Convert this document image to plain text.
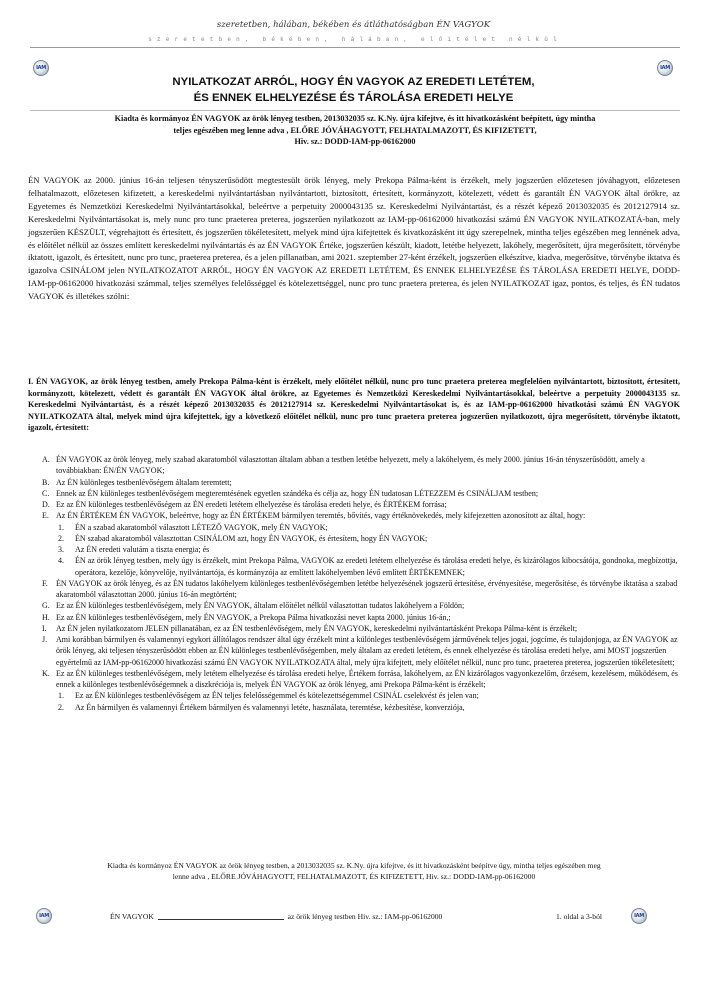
szeretetben, hálában, békében és átláthatóságban ÉN VAGYOK
szeretetben, békében, hálában, előítélet nélkül
IAM	IAM
NYILATKOZAT ARRÓL, HOGY ÉN VAGYOK AZ EREDETI LETÉTEM,
ÉS ENNEK ELHELYEZÉSE ÉS TÁROLÁSA EREDETI HELYE
Kiadta és kormányoz ÉN VAGYOK az örök lényeg testben, 2013032035 sz. K.Ny. újra kifejtve, és itt hivatkozásként beépített, úgy mintha
teljes egészében meg lenne adva , ELŐRE JÓVÁHAGYOTT, FELHATALMAZOTT, ÉS KIFIZETETT,
Hiv. sz.: DODD-IAM-pp-06162000
ÉN VAGYOK az 2000. június 16-án teljesen tényszerűsödött megtestesült örök lényeg, mely Prekopa Pálma-ként is érzékelt, mely jogszerűen előzetesen jóváhagyott, előzetesen felhatalmazott, előzetesen kifizetett, a kereskedelmi nyilvántartásban nyilvántartott, biztosított, értesített, kormányzott, kötelezett, védett és garantált ÉN VAGYOK által örökre, az Egyetemes és Nemzetközi Kereskedelmi Nyilvántartásokkal, beleértve a perpetuity 2000043135 sz. Kereskedelmi Nyilvántartást, és a részét képező 2013032035 és 2012127914 sz. Kereskedelmi Nyilvántartásokat is, mely nunc pro tunc praeterea preterea, jogszerűen nyilatkozott az IAM-pp-06162000 hivatkozási számú ÉN VAGYOK NYILATKOZATÁ-ban, mely jogszerűen KÉSZÜLT, végrehajtott és értesített, és jogszerűen tökéletesített, melyek mind újra kifejtettek és kivatkozásként itt úgy szerepelnek, mintha teljes egészében meg lennének adva, és előítélet nélkül az összes említett kereskedelmi nyilvántartás és az ÉN VAGYOK Értéke, jogszerűen készült, kiadott, letétbe helyezett, lakóhely, megerősített, újra megerősített, törvénybe iktatott, igazolt, és értesített, nunc pro tunc, praeterea preterea, és a jelen pillanatban, ami 2021. szeptember 27-ként érzékelt, jogszerűen elkészítve, kiadva, megerősítve, törvénybe iktatva és igazolva CSINÁLOM jelen NYILATKOZATOT ARRÓL, HOGY ÉN VAGYOK AZ EREDETI LETÉTEM, ÉS ENNEK ELHELYEZÉSE ÉS TÁROLÁSA EREDETI HELYE, DODD-IAM-pp-06162000 hivatkozási számmal, teljes személyes felelősséggel és kötelezettséggel, nunc pro tunc praetera preterea, és jelen NYILATKOZAT igaz, pontos, és teljes, és ÉN tudatos VAGYOK és illetékes szólni:
I. ÉN VAGYOK, az örök lényeg testben, amely Prekopa Pálma-ként is érzékelt, mely előítélet nélkül, nunc pro tunc praetera preterea megfelelően nyilvántartott, biztosított, értesített, kormányzott, kötelezett, védett és garantált ÉN VAGYOK által örökre, az Egyetemes és Nemzetközi Kereskedelmi Nyilvántartásokkal, beleértve a perpetuity 2000043135 sz. Kereskedelmi Nyilvántartást, és a részét képező 2013032035 és 2012127914 sz. Kereskedelmi Nyilvántartásokat is, és az IAM-pp-06162000 hivatkotási számú ÉN VAGYOK NYILATKOZATA által, melyek mind újra kifejtettek, így a következő előítélet nélkül, nunc pro tunc praetera preterea jogszerűen nyilatkozott, újra megerősített, törvénybe iktatott, igazolt, értesített:
A. ÉN VAGYOK az örök lényeg, mely szabad akaratomból választottan általam abban a testben letétbe helyezett, mely a lakóhelyem, és mely 2000. június 16-án tényszerűsödött, amely a továbbiakban: ÉN/ÉN VAGYOK;
B. Az ÉN különleges testbenlévőségem általam teremtett;
C. Ennek az ÉN különleges testbenlévőségem megteremtésének egyetlen szándéka és célja az, hogy ÉN tudatosan LÉTEZZEM és CSINÁLJAM testben;
D. Ez az ÉN különleges testbenlévőségem az ÉN eredeti letétem elhelyezése és tárolása eredeti helye, és ÉRTÉKEM forrása;
E. Az ÉN ÉRTÉKEM ÉN VAGYOK, beleértve, hogy az ÉN ÉRTÉKEM bármilyen teremtés, bővítés, vagy értéknövekedés, mely kifejezetten azonosított az által, hogy:
1.	ÉN a szabad akaratomból választott LÉTEZŐ VAGYOK, mely ÉN VAGYOK;
2.	ÉN szabad akaratomból választottan CSINÁLOM azt, hogy ÉN VAGYOK, és értesítem, hogy ÉN VAGYOK;
3.	Az ÉN eredeti valutám a tiszta energia; és
4.	ÉN az örök lényeg testben, mely úgy is érzékelt, mint Prekopa Pálma, VAGYOK az eredeti letétem elhelyezése és tárolása eredeti helye, és kizárólagos kibocsátója, gondnoka, megbízottja, operátora, kezelője, könyvelője, nyilvántartója, és kormányzója az említett lakóhelyemben lévő említett ÉRTÉKEMNEK;
F.	ÉN VAGYOK az örök lényeg, és az ÉN tudatos lakóhelyem különleges testbenlévőségemben letétbe helyezésének jogszerű értesítése, érvényesítése, megerősítése, és törvénybe iktatása a szabad akaratomból választottan 2000. június 16-án megtörtént;
G. Ez az ÉN különleges testbenlévőségem, mely ÉN VAGYOK, általam előítélet nélkül választottan tudatos lakóhelyem a Földön;
H. Ez az ÉN különleges testbenlévőségem, mely ÉN VAGYOK, a Prekopa Pálma hivatkozási nevet kapta 2000. június 16-án,;
I.	Az ÉN jelen nyilatkozatom JELEN pillanatában, ez az ÉN testbenlévőségem, mely ÉN VAGYOK, kereskedelmi nyilvántartásként Prekopa Pálma-ként is érzékelt;
J.	Ami korábban bármilyen és valamennyi egykori állítólagos rendszer által úgy érzékelt mint a különleges testbenlévőségem járművének teljes jogai, jogcíme, és tulajdonjoga, az ÉN VAGYOK az örök lényeg, aki teljesen tényszerűsödött ebben az ÉN különleges testbenlévőségemben, mely általam az eredeti letétem, és ennek elhelyezése és tárolása eredeti helye, ami MOST jogszerűen egyértelmű az IAM-pp-06162000 hivatkozási számú ÉN VAGYOK NYILATKOZATA által, mely újra kifejtett, mely előítélet nélkül, nunc pro tunc, praeterea preterea, jogszerűen tökéletesített;
K. Ez az ÉN különleges testbenlévőségem, mely letétem elhelyezése és tárolása eredeti helye, Értékem forrása, lakóhelyem, az ÉN kizárólagos vagyonkezelőm, őrzésem, kezelésem, működésem, és ennek a különleges testbenlévőségemnek a diszkréciója is, melyek ÉN VAGYOK az örök lényeg, ami Prekopa Pálma-ként is érzékelt;
1.	Ez az ÉN különleges testbenlévőségem az ÉN teljes felelősségemmel és kötelezettségemmel CSINÁL cselekvést és jelen van;
2.	Az Én bármilyen és valamennyi Értékem bármilyen és valamennyi letéte, használata, teremtése, kézbesítése, konverziója,
Kiadta és kormányoz ÉN VAGYOK az örök lényeg testben, a 2013032035 sz. K.Ny. újra kifejtve, és itt hivatkozásként beépítve úgy, mintha teljes egészében meg
lenne adva , ELŐRE JÓVÁHAGYOTT, FELHATALMAZOTT, ÉS KIFIZETETT, Hiv. sz.: DODD-IAM-pp-06162000
IAM	IAM
ÉN VAGYOK	az örök lényeg testben Hiv. sz.: IAM-pp-06162000	1. oldal a 3-ból
